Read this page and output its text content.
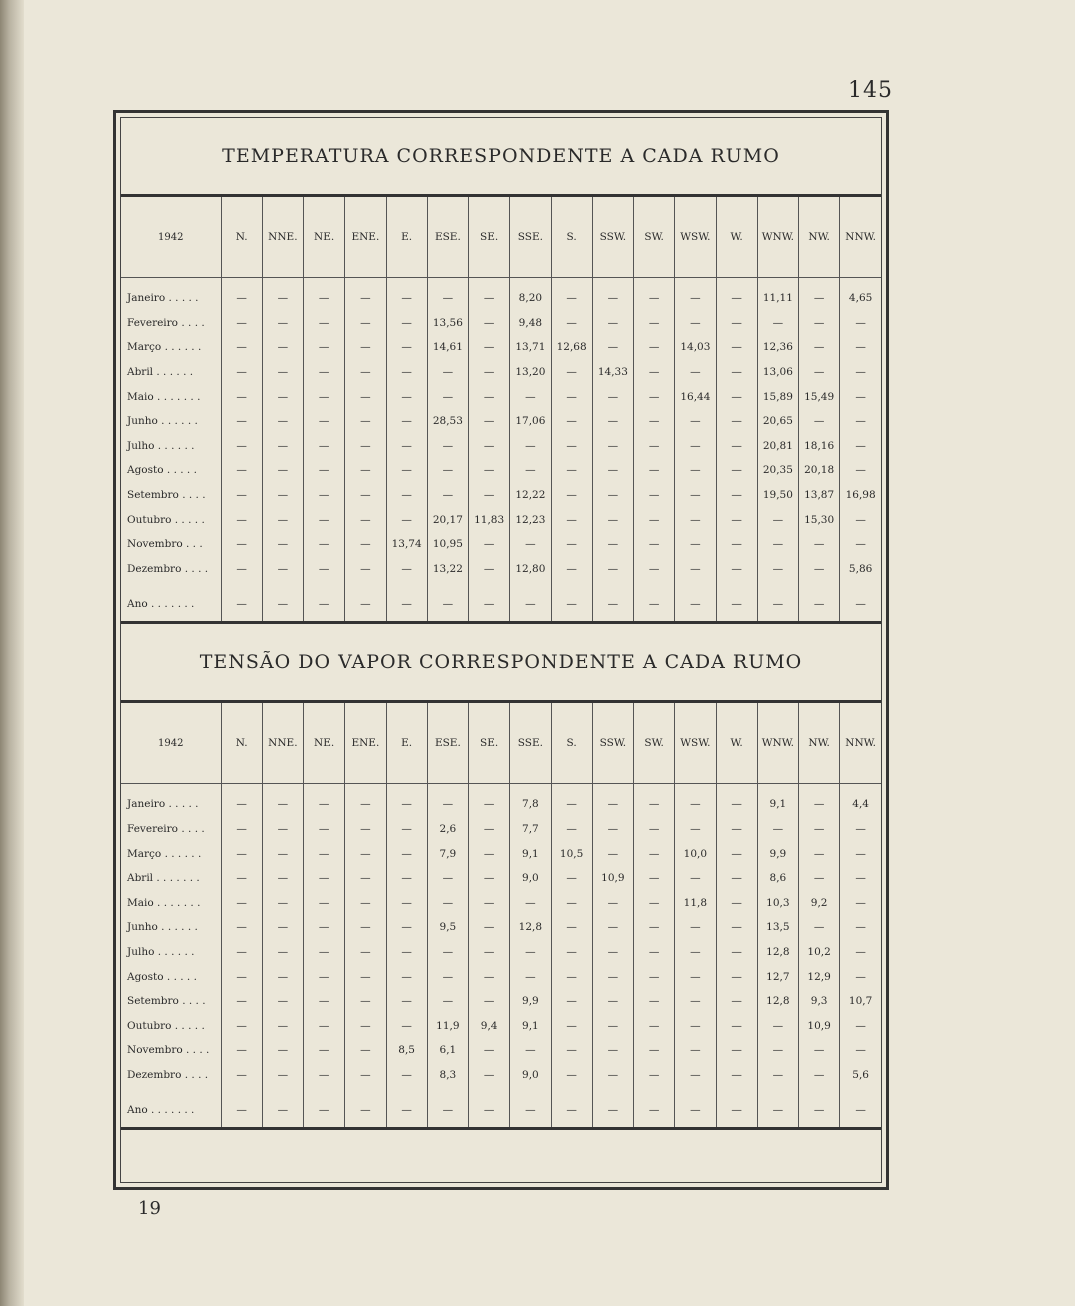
145
TEMPERATURA CORRESPONDENTE A CADA RUMO
1942	N.	NNE.	NE.	ENE.	E.	ESE.	SE.	SSE.	S.	SSW.	SW.	WSW.	W.	WNW.	NW.	NNW.
Janeiro . . . . .	—	—	—	—	—	—	—	8,20	—	—	—	—	—	11,11	—	4,65
Fevereiro . . . .	—	—	—	—	—	13,56	—	9,48	—	—	—	—	—	—	—	—
Março . . . . . .	—	—	—	—	—	14,61	—	13,71	12,68	—	—	14,03	—	12,36	—	—
Abril . . . . . .	—	—	—	—	—	—	—	13,20	—	14,33	—	—	—	13,06	—	—
Maio . . . . . . .	—	—	—	—	—	—	—	—	—	—	—	16,44	—	15,89	15,49	—
Junho . . . . . .	—	—	—	—	—	28,53	—	17,06	—	—	—	—	—	20,65	—	—
Julho . . . . . .	—	—	—	—	—	—	—	—	—	—	—	—	—	20,81	18,16	—
Agosto . . . . .	—	—	—	—	—	—	—	—	—	—	—	—	—	20,35	20,18	—
Setembro . . . .	—	—	—	—	—	—	—	12,22	—	—	—	—	—	19,50	13,87	16,98
Outubro . . . . .	—	—	—	—	—	20,17	11,83	12,23	—	—	—	—	—	—	15,30	—
Novembro . . .	—	—	—	—	13,74	10,95	—	—	—	—	—	—	—	—	—	—
Dezembro . . . .	—	—	—	—	—	13,22	—	12,80	—	—	—	—	—	—	—	5,86
Ano . . . . . . .	—	—	—	—	—	—	—	—	—	—	—	—	—	—	—	—
TENSÃO DO VAPOR CORRESPONDENTE A CADA RUMO
1942	N.	NNE.	NE.	ENE.	E.	ESE.	SE.	SSE.	S.	SSW.	SW.	WSW.	W.	WNW.	NW.	NNW.
Janeiro . . . . .	—	—	—	—	—	—	—	7,8	—	—	—	—	—	9,1	—	4,4
Fevereiro . . . .	—	—	—	—	—	2,6	—	7,7	—	—	—	—	—	—	—	—
Março . . . . . .	—	—	—	—	—	7,9	—	9,1	10,5	—	—	10,0	—	9,9	—	—
Abril . . . . . . .	—	—	—	—	—	—	—	9,0	—	10,9	—	—	—	8,6	—	—
Maio . . . . . . .	—	—	—	—	—	—	—	—	—	—	—	11,8	—	10,3	9,2	—
Junho . . . . . .	—	—	—	—	—	9,5	—	12,8	—	—	—	—	—	13,5	—	—
Julho . . . . . .	—	—	—	—	—	—	—	—	—	—	—	—	—	12,8	10,2	—
Agosto . . . . .	—	—	—	—	—	—	—	—	—	—	—	—	—	12,7	12,9	—
Setembro . . . .	—	—	—	—	—	—	—	9,9	—	—	—	—	—	12,8	9,3	10,7
Outubro . . . . .	—	—	—	—	—	11,9	9,4	9,1	—	—	—	—	—	—	10,9	—
Novembro . . . .	—	—	—	—	8,5	6,1	—	—	—	—	—	—	—	—	—	—
Dezembro . . . .	—	—	—	—	—	8,3	—	9,0	—	—	—	—	—	—	—	5,6
Ano . . . . . . .	—	—	—	—	—	—	—	—	—	—	—	—	—	—	—	—
19
